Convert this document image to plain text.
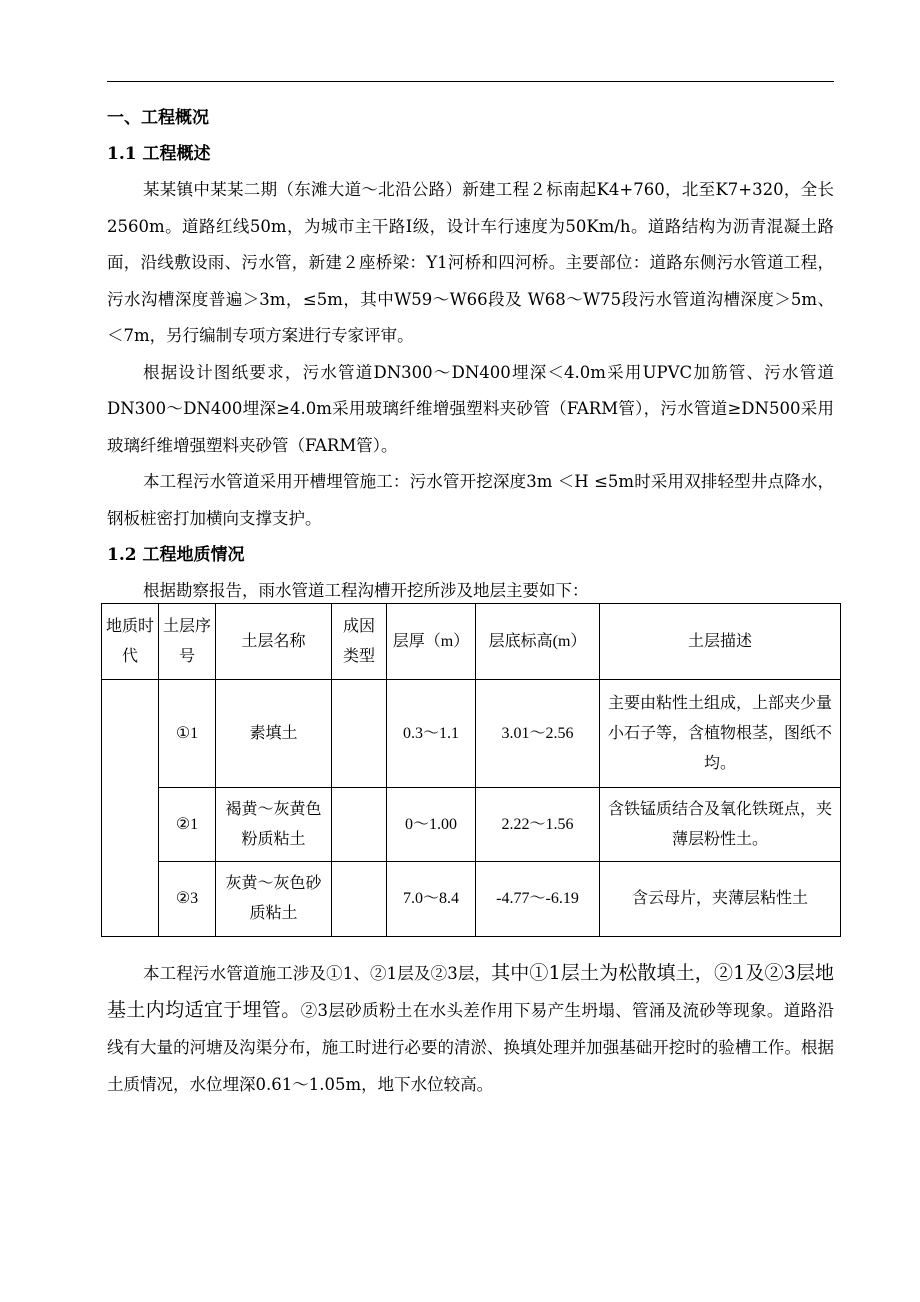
一、工程概况
1.1 工程概述

某某镇中某某二期（东滩大道～北沿公路）新建工程２标南起K4+760，北至K7+320，全长2560m。道路红线50m，为城市主干路Ⅰ级，设计车行速度为50Km/h。道路结构为沥青混凝土路面，沿线敷设雨、污水管，新建２座桥梁：Y1河桥和四河桥。主要部位：道路东侧污水管道工程，污水沟槽深度普遍＞3m，≤5m，其中W59～W66段及 W68～W75段污水管道沟槽深度＞5m、＜7m，另行编制专项方案进行专家评审。

根据设计图纸要求，污水管道DN300～DN400埋深＜4.0m采用UPVC加筋管、污水管道DN300～DN400埋深≥4.0m采用玻璃纤维增强塑料夹砂管（FARM管），污水管道≥DN500采用玻璃纤维增强塑料夹砂管（FARM管）。

本工程污水管道采用开槽埋管施工：污水管开挖深度3m ＜H ≤5m时采用双排轻型井点降水，钢板桩密打加横向支撑支护。

1.2 工程地质情况

根据勘察报告，雨水管道工程沟槽开挖所涉及地层主要如下：

地质时代	土层序号	土层名称	成因类型	层厚（m）	层底标高(m）	土层描述
	①1	素填土		0.3～1.1	3.01～2.56	主要由粘性土组成，上部夹少量小石子等，含植物根茎，图纸不均。
	②1	褐黄～灰黄色粉质粘土		0～1.00	2.22～1.56	含铁锰质结合及氧化铁斑点，夹薄层粉性土。
	②3	灰黄～灰色砂质粘土		7.0～8.4	-4.77～-6.19	含云母片，夹薄层粘性土

本工程污水管道施工涉及①1、②1层及②3层，其中①1层土为松散填土，②1及②3层地基土内均适宜于埋管。②3层砂质粉土在水头差作用下易产生坍塌、管涌及流砂等现象。道路沿线有大量的河塘及沟渠分布，施工时进行必要的清淤、换填处理并加强基础开挖时的验槽工作。根据土质情况，水位埋深0.61～1.05m，地下水位较高。
